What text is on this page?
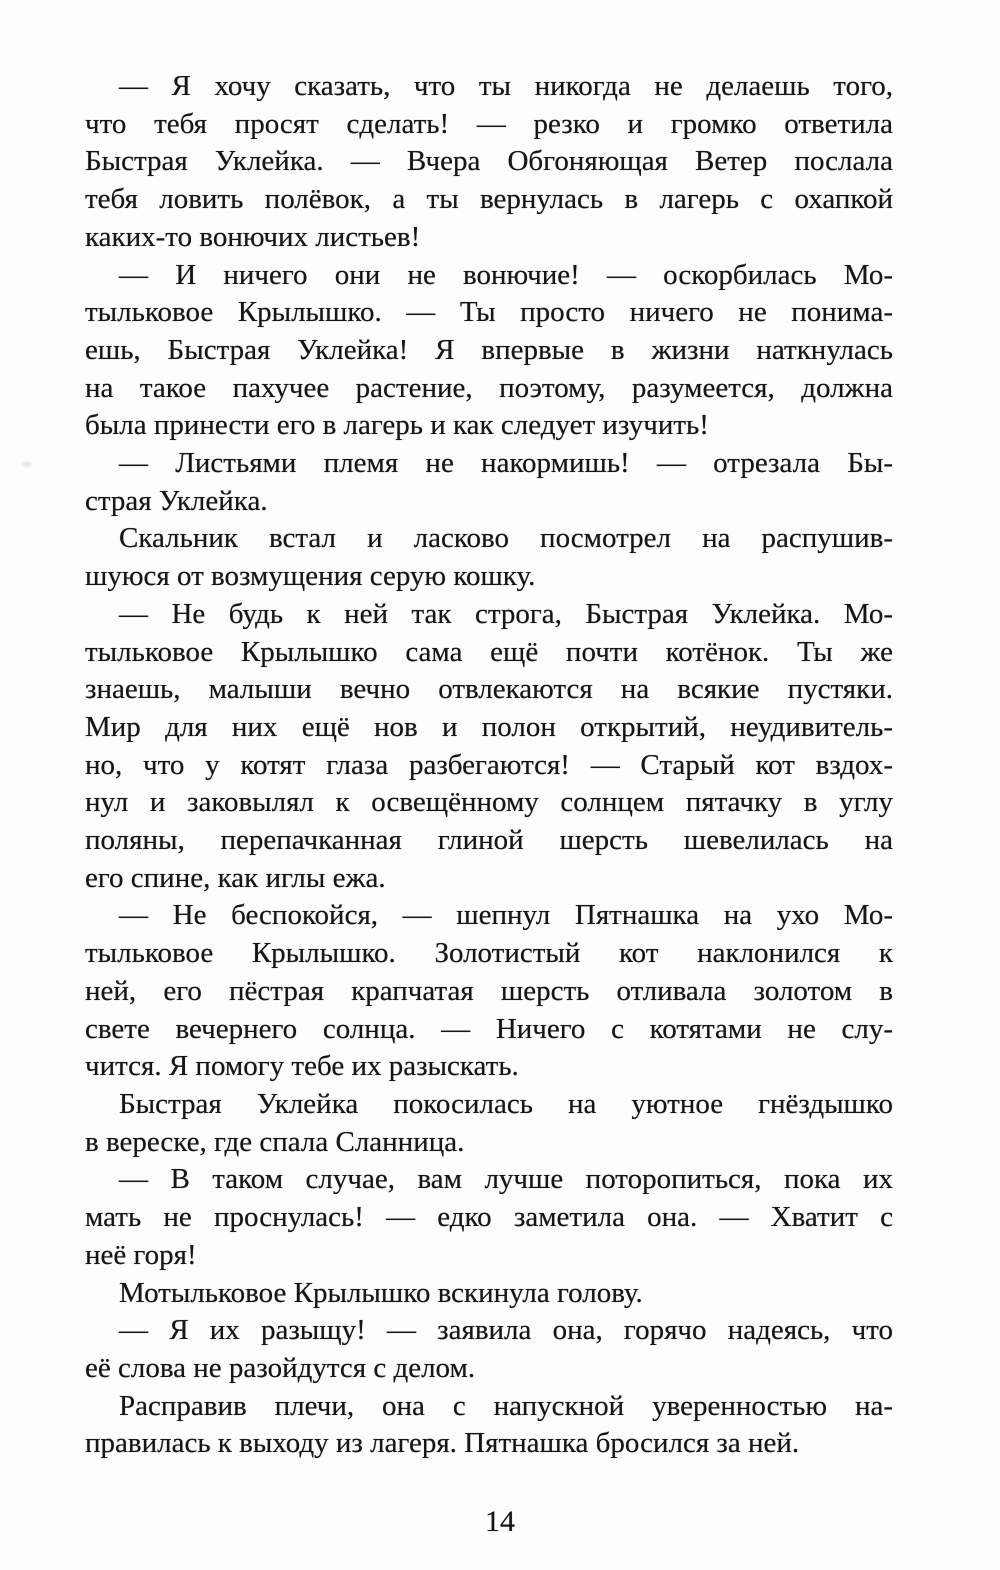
— Я хочу сказать, что ты никогда не делаешь того,
что тебя просят сделать! — резко и громко ответила
Быстрая Уклейка. — Вчера Обгоняющая Ветер послала
тебя ловить полёвок, а ты вернулась в лагерь с охапкой
каких-то вонючих листьев!
— И ничего они не вонючие! — оскорбилась Мо-
тыльковое Крылышко. — Ты просто ничего не понима-
ешь, Быстрая Уклейка! Я впервые в жизни наткнулась
на такое пахучее растение, поэтому, разумеется, должна
была принести его в лагерь и как следует изучить!
— Листьями племя не накормишь! — отрезала Бы-
страя Уклейка.
Скальник встал и ласково посмотрел на распушив-
шуюся от возмущения серую кошку.
— Не будь к ней так строга, Быстрая Уклейка. Мо-
тыльковое Крылышко сама ещё почти котёнок. Ты же
знаешь, малыши вечно отвлекаются на всякие пустяки.
Мир для них ещё нов и полон открытий, неудивитель-
но, что у котят глаза разбегаются! — Старый кот вздох-
нул и заковылял к освещённому солнцем пятачку в углу
поляны, перепачканная глиной шерсть шевелилась на
его спине, как иглы ежа.
— Не беспокойся, — шепнул Пятнашка на ухо Мо-
тыльковое Крылышко. Золотистый кот наклонился к
ней, его пёстрая крапчатая шерсть отливала золотом в
свете вечернего солнца. — Ничего с котятами не слу-
чится. Я помогу тебе их разыскать.
Быстрая Уклейка покосилась на уютное гнёздышко
в вереске, где спала Сланница.
— В таком случае, вам лучше поторопиться, пока их
мать не проснулась! — едко заметила она. — Хватит с
неё горя!
Мотыльковое Крылышко вскинула голову.
— Я их разыщу! — заявила она, горячо надеясь, что
её слова не разойдутся с делом.
Расправив плечи, она с напускной уверенностью на-
правилась к выходу из лагеря. Пятнашка бросился за ней.
14
